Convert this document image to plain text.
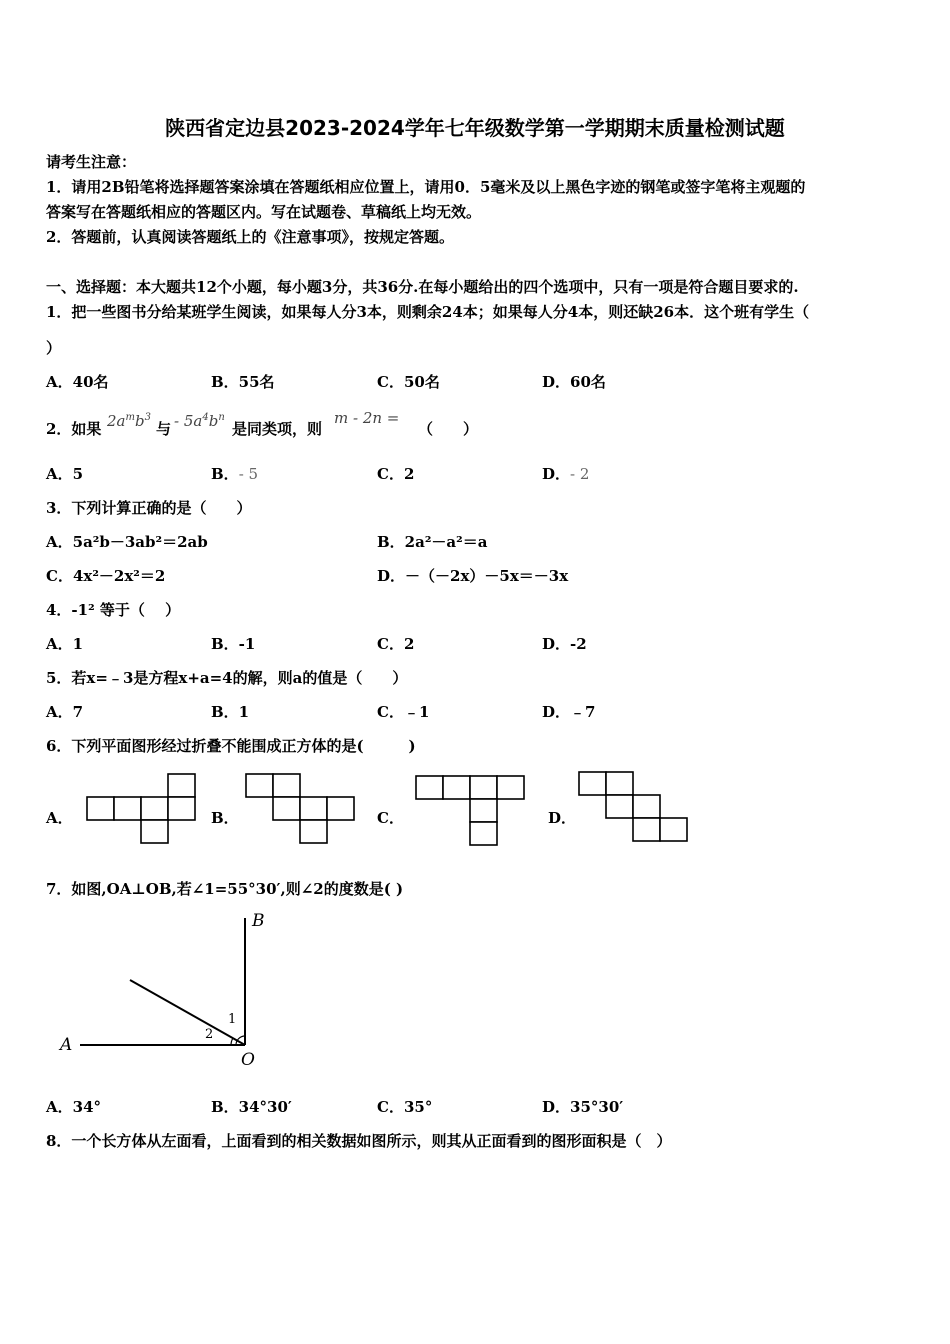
陕西省定边县2023-2024学年七年级数学第一学期期末质量检测试题
请考生注意：
1．请用2B铅笔将选择题答案涂填在答题纸相应位置上，请用0．5毫米及以上黑色字迹的钢笔或签字笔将主观题的
答案写在答题纸相应的答题区内。写在试题卷、草稿纸上均无效。
2．答题前，认真阅读答题纸上的《注意事项》，按规定答题。
一、选择题：本大题共12个小题，每小题3分，共36分.在每小题给出的四个选项中，只有一项是符合题目要求的.
1．把一些图书分给某班学生阅读，如果每人分3本，则剩余24本；如果每人分4本，则还缺26本．这个班有学生（
）
A．40名	B．55名	C．50名	D．60名
2．如果 $2a^mb^3$
与 - $5a^4b^n$
是同类项，则
m - 2n =
（　　）
A．5	B．- 5	C．2	D．- 2
3．下列计算正确的是（　　）
A．5a²b－3ab²＝2ab	B．2a²－a²＝a
C．4x²－2x²＝2	D．－（－2x）－5x＝－3x
4．-1² 等于（　 ）
A．1	B．-1	C．2	D．-2
5．若x=﹣3是方程x+a=4的解，则a的值是（　　）
A．7	B．1	C．﹣1	D．﹣7
6．下列平面图形经过折叠不能围成正方体的是(　　　)
A．	B．	C．	D．
7．如图,OA⊥OB,若∠1=55°30′,则∠2的度数是( )
B
A
O
1
2
A．34°	B．34°30′	C．35°	D．35°30′
8．一个长方体从左面看，上面看到的相关数据如图所示，则其从正面看到的图形面积是（　）
